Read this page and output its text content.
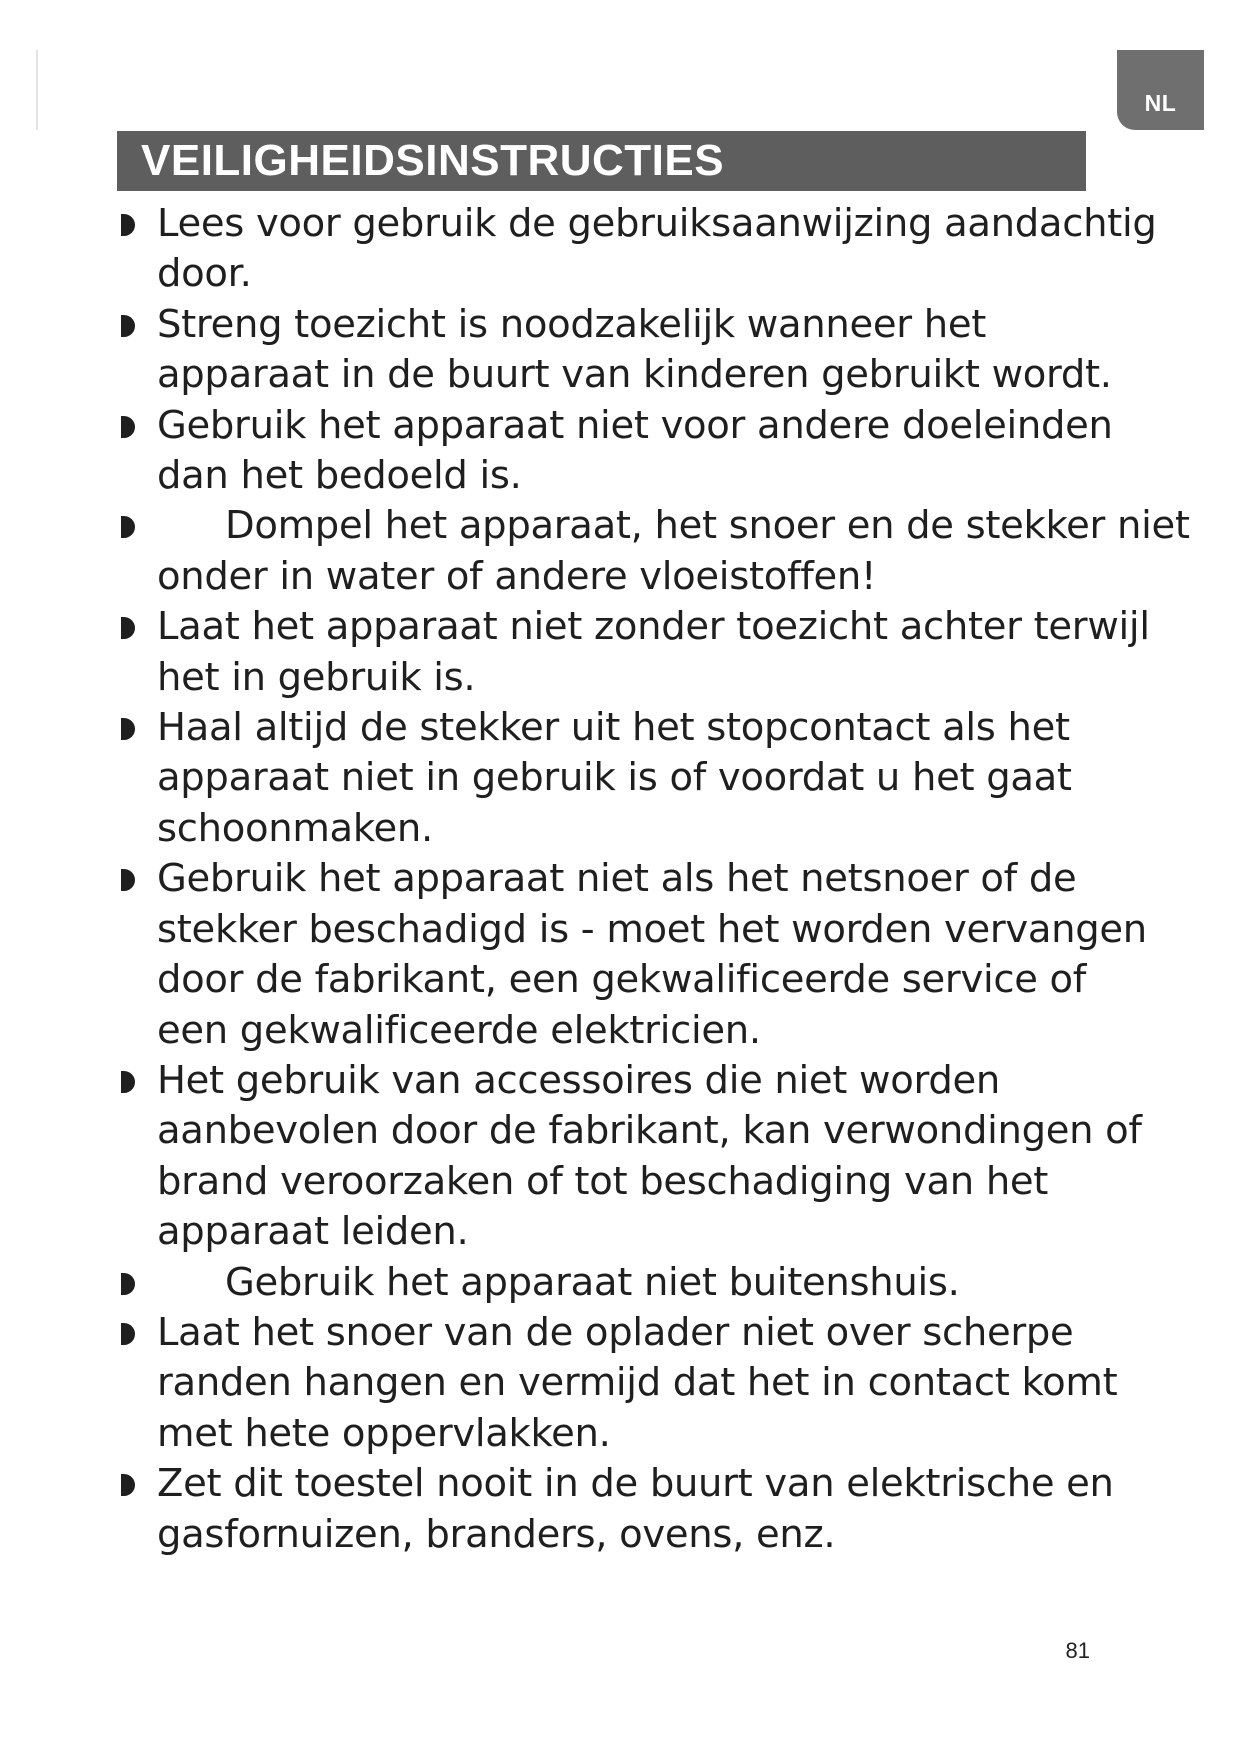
NL
VEILIGHEIDSINSTRUCTIES
Lees voor gebruik de gebruiksaanwijzing aandachtig door.
Streng toezicht is noodzakelijk wanneer het apparaat in de buurt van kinderen gebruikt wordt.
Gebruik het apparaat niet voor andere doeleinden dan het bedoeld is.
Dompel het apparaat, het snoer en de stekker niet onder in water of andere vloeistoffen!
Laat het apparaat niet zonder toezicht achter terwijl het in gebruik is.
Haal altijd de stekker uit het stopcontact als het apparaat niet in gebruik is of voordat u het gaat schoonmaken.
Gebruik het apparaat niet als het netsnoer of de stekker beschadigd is - moet het worden vervangen door de fabrikant, een gekwalificeerde service of een gekwalificeerde elektricien.
Het gebruik van accessoires die niet worden aanbevolen door de fabrikant, kan verwondingen of brand veroorzaken of tot beschadiging van het apparaat leiden.
Gebruik het apparaat niet buitenshuis.
Laat het snoer van de oplader niet over scherpe randen hangen en vermijd dat het in contact komt met hete oppervlakken.
Zet dit toestel nooit in de buurt van elektrische en gasfornuizen, branders, ovens, enz.
81
